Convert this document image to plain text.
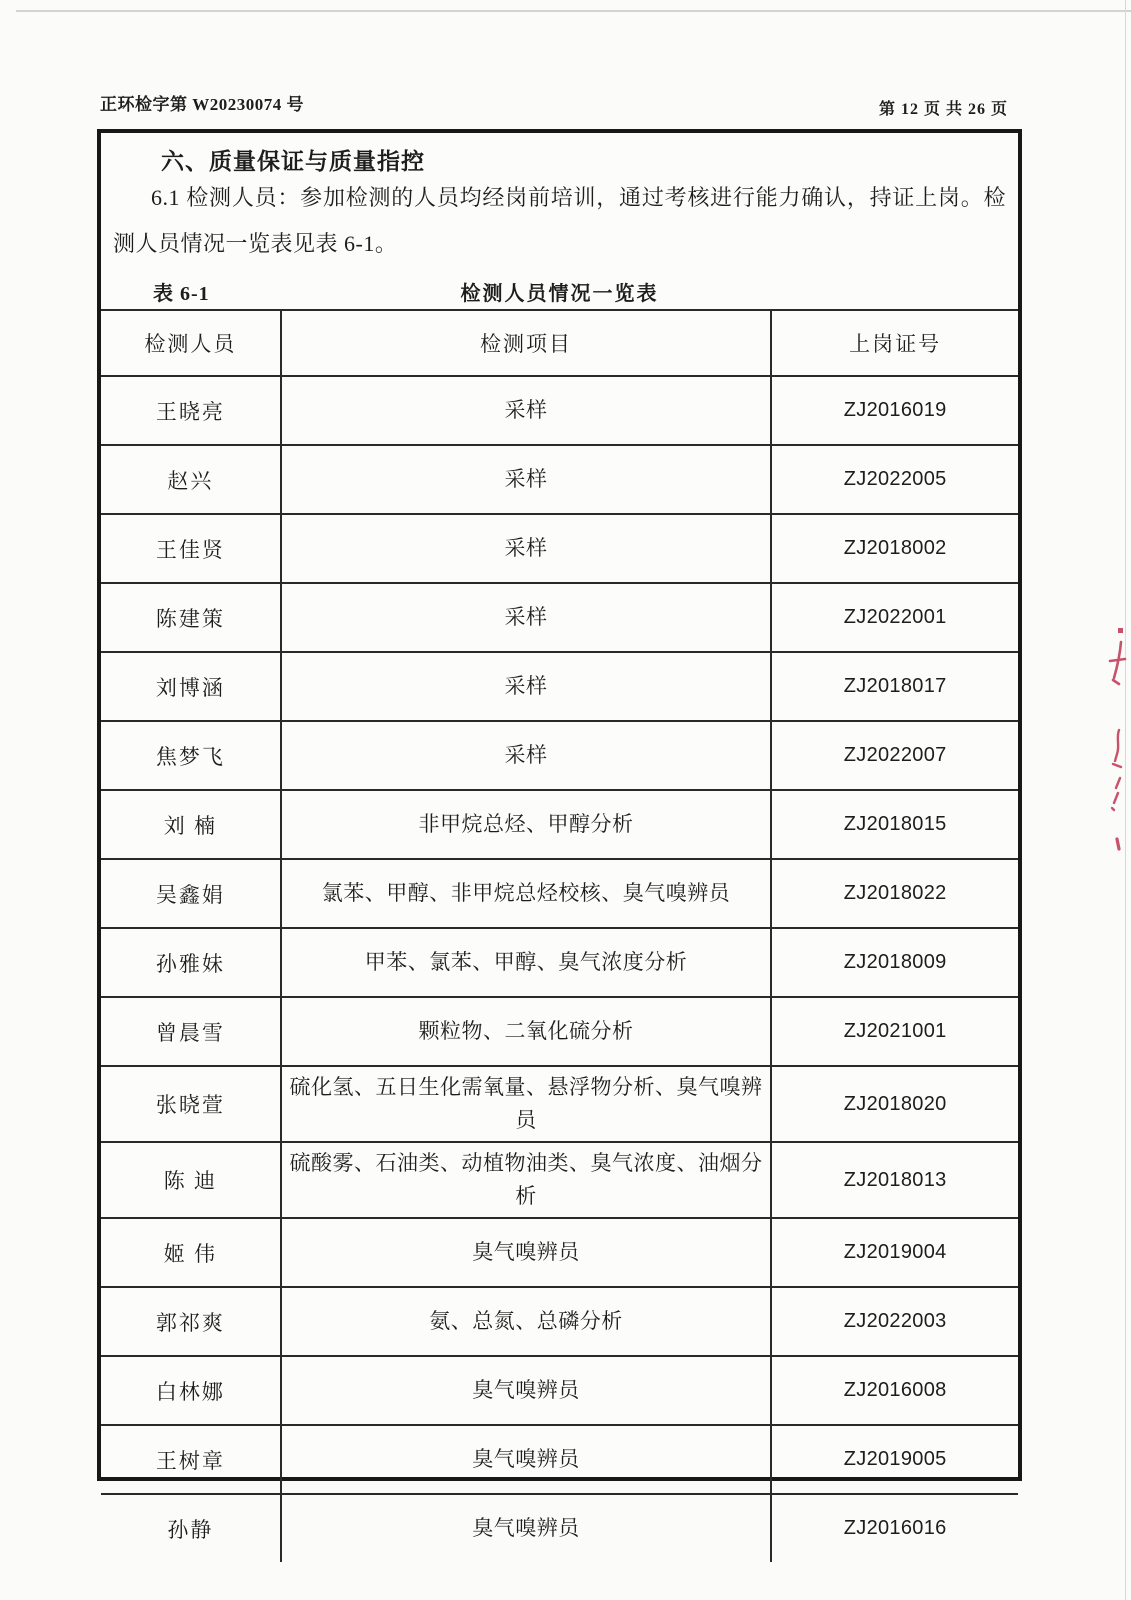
正环检字第 W20230074 号	第 12 页 共 26 页
六、质量保证与质量指控

6.1 检测人员：参加检测的人员均经岗前培训，通过考核进行能力确认，持证上岗。检测人员情况一览表见表 6-1。

表 6-1	检测人员情况一览表
检测人员	检测项目	上岗证号
王晓亮	采样	ZJ2016019
赵兴	采样	ZJ2022005
王佳贤	采样	ZJ2018002
陈建策	采样	ZJ2022001
刘博涵	采样	ZJ2018017
焦梦飞	采样	ZJ2022007
刘 楠	非甲烷总烃、甲醇分析	ZJ2018015
吴鑫娟	氯苯、甲醇、非甲烷总烃校核、臭气嗅辨员	ZJ2018022
孙雅妹	甲苯、氯苯、甲醇、臭气浓度分析	ZJ2018009
曾晨雪	颗粒物、二氧化硫分析	ZJ2021001
张晓萱	硫化氢、五日生化需氧量、悬浮物分析、臭气嗅辨员	ZJ2018020
陈 迪	硫酸雾、石油类、动植物油类、臭气浓度、油烟分析	ZJ2018013
姬 伟	臭气嗅辨员	ZJ2019004
郭祁爽	氨、总氮、总磷分析	ZJ2022003
白林娜	臭气嗅辨员	ZJ2016008
王树章	臭气嗅辨员	ZJ2019005
孙静	臭气嗅辨员	ZJ2016016
